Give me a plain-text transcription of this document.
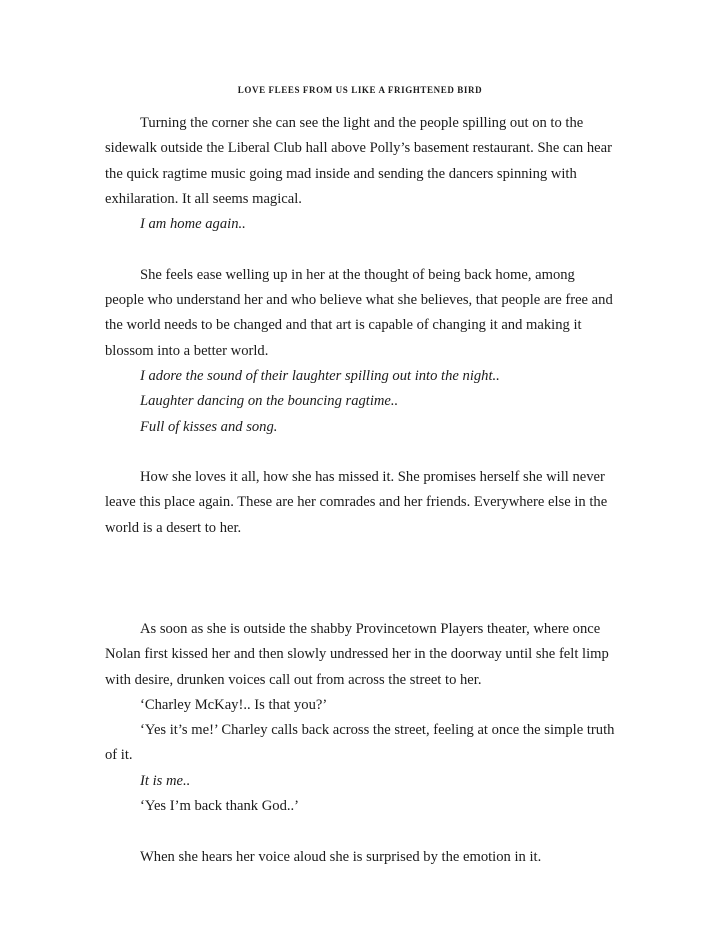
LOVE FLEES FROM US LIKE A FRIGHTENED BIRD

Turning the corner she can see the light and the people spilling out on to the sidewalk outside the Liberal Club hall above Polly’s basement restaurant. She can hear the quick ragtime music going mad inside and sending the dancers spinning with exhilaration. It all seems magical.

I am home again..

She feels ease welling up in her at the thought of being back home, among people who understand her and who believe what she believes, that people are free and the world needs to be changed and that art is capable of changing it and making it blossom into a better world.

I adore the sound of their laughter spilling out into the night..

Laughter dancing on the bouncing ragtime..

Full of kisses and song.

How she loves it all, how she has missed it. She promises herself she will never leave this place again. These are her comrades and her friends. Everywhere else in the world is a desert to her.

As soon as she is outside the shabby Provincetown Players theater, where once Nolan first kissed her and then slowly undressed her in the doorway until she felt limp with desire, drunken voices call out from across the street to her.

‘Charley McKay!.. Is that you?’

‘Yes it’s me!’ Charley calls back across the street, feeling at once the simple truth of it.

It is me..

‘Yes I’m back thank God..’

When she hears her voice aloud she is surprised by the emotion in it.
